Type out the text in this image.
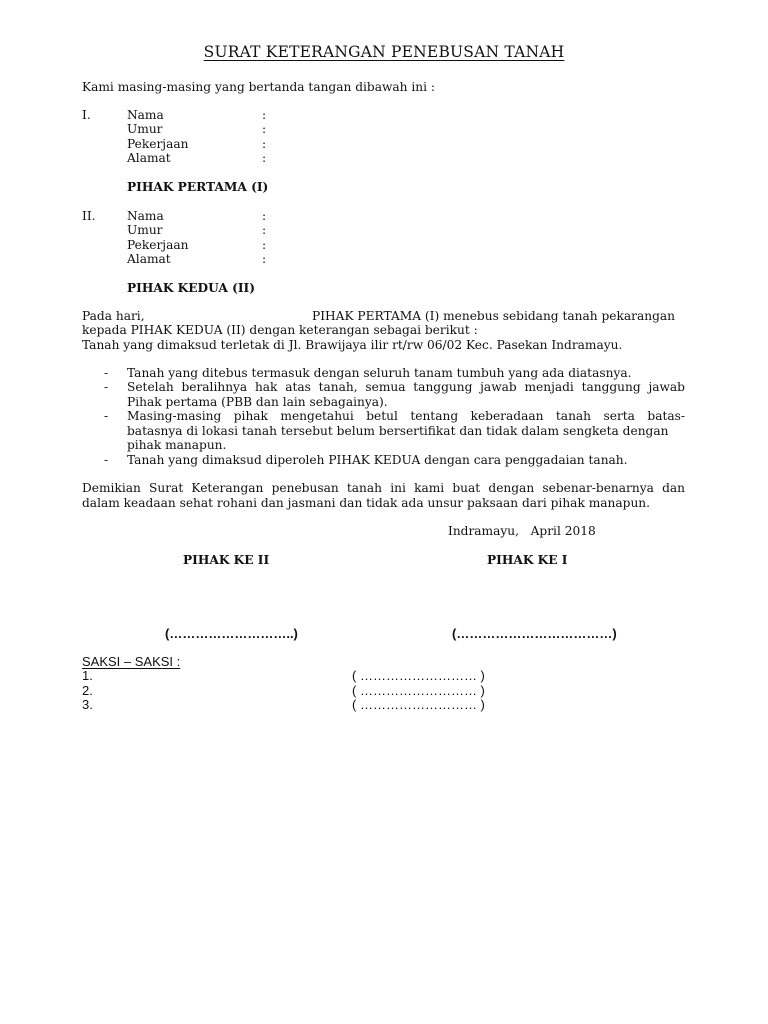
SURAT KETERANGAN PENEBUSAN TANAH
Kami masing-masing yang bertanda tangan dibawah ini :
I.	Nama	:
Umur	:
Pekerjaan	:
Alamat	:
PIHAK PERTAMA (I)
II.	Nama	:
Umur	:
Pekerjaan	:
Alamat	:
PIHAK KEDUA (II)
Pada hari,	PIHAK PERTAMA (I) menebus sebidang tanah pekarangan
kepada PIHAK KEDUA (II) dengan keterangan sebagai berikut :
Tanah yang dimaksud terletak di Jl. Brawijaya ilir rt/rw 06/02 Kec. Pasekan Indramayu.
- Tanah yang ditebus termasuk dengan seluruh tanam tumbuh yang ada diatasnya.
- Setelah beralihnya hak atas tanah, semua tanggung jawab menjadi tanggung jawab
Pihak pertama (PBB dan lain sebagainya).
- Masing-masing pihak mengetahui betul tentang keberadaan tanah serta batas-
batasnya di lokasi tanah tersebut belum bersertifikat dan tidak dalam sengketa dengan
pihak manapun.
- Tanah yang dimaksud diperoleh PIHAK KEDUA dengan cara penggadaian tanah.
Demikian Surat Keterangan penebusan tanah ini kami buat dengan sebenar-benarnya dan
dalam keadaan sehat rohani dan jasmani dan tidak ada unsur paksaan dari pihak manapun.
Indramayu,   April 2018
PIHAK KE II	PIHAK KE I
(………………………..)	(………………………………)
SAKSI – SAKSI :
1.	( ……………………… )
2.	( ……………………… )
3.	( ……………………… )
